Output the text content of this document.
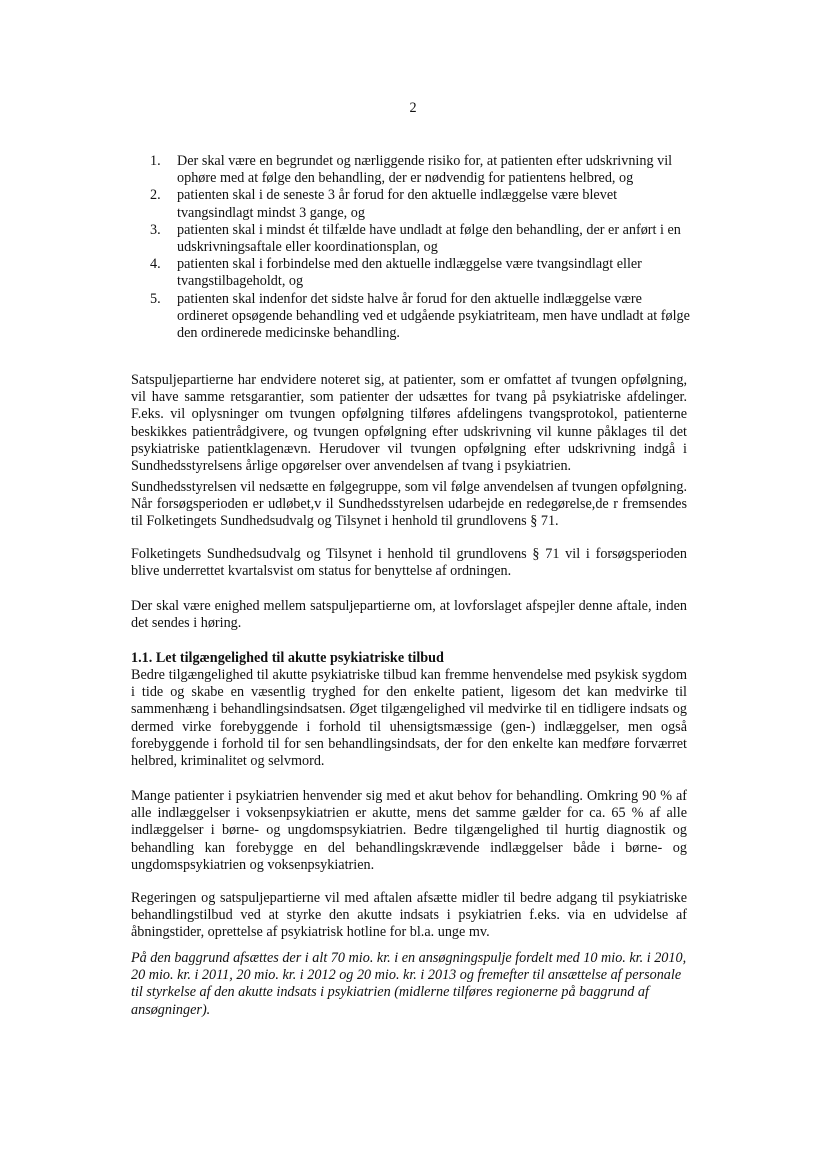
2
1.	Der skal være en begrundet og nærliggende risiko for, at patienten efter udskrivning vil ophøre med at følge den behandling, der er nødvendig for patientens helbred, og
2.	patienten skal i de seneste 3 år forud for den aktuelle indlæggelse være blevet tvangsindlagt mindst 3 gange, og
3.	patienten skal i mindst ét tilfælde have undladt at følge den behandling, der er anført i en udskrivningsaftale eller koordinationsplan, og
4.	patienten skal i forbindelse med den aktuelle indlæggelse være tvangsindlagt eller tvangstilbageholdt, og
5.	patienten skal indenfor det sidste halve år forud for den aktuelle indlæggelse være ordineret opsøgende behandling ved et udgående psykiatriteam, men have undladt at følge den ordinerede medicinske behandling.

Satspuljepartierne har endvidere noteret sig, at patienter, som er omfattet af tvungen opfølgning, vil have samme retsgarantier, som patienter der udsættes for tvang på psykiatriske afdelinger. F.eks. vil oplysninger om tvungen opfølgning tilføres afdelingens tvangsprotokol, patienterne beskikkes patientrådgivere, og tvungen opfølgning efter udskrivning vil kunne påklages til det psykiatriske patientklagenævn. Herudover vil tvungen opfølgning efter udskrivning indgå i Sundhedsstyrelsens årlige opgørelser over anvendelsen af tvang i psykiatrien.

Sundhedsstyrelsen vil nedsætte en følgegruppe, som vil følge anvendelsen af tvungen opfølgning. Når forsøgsperioden er udløbet,v il Sundhedsstyrelsen udarbejde en redegørelse,de r fremsendes til Folketingets Sundhedsudvalg og Tilsynet i henhold til grundlovens § 71.

Folketingets Sundhedsudvalg og Tilsynet i henhold til grundlovens § 71 vil i forsøgsperioden blive underrettet kvartalsvist om status for benyttelse af ordningen.

Der skal være enighed mellem satspuljepartierne om, at lovforslaget afspejler denne aftale, inden det sendes i høring.

1.1. Let tilgængelighed til akutte psykiatriske tilbud

Bedre tilgængelighed til akutte psykiatriske tilbud kan fremme henvendelse med psykisk sygdom i tide og skabe en væsentlig tryghed for den enkelte patient, ligesom det kan medvirke til sammenhæng i behandlingsindsatsen. Øget tilgængelighed vil medvirke til en tidligere indsats og dermed virke forebyggende i forhold til uhensigtsmæssige (gen-) indlæggelser, men også forebyggende i forhold til for sen behandlingsindsats, der for den enkelte kan medføre forværret helbred, kriminalitet og selvmord.

Mange patienter i psykiatrien henvender sig med et akut behov for behandling. Omkring 90 % af alle indlæggelser i voksenpsykiatrien er akutte, mens det samme gælder for ca. 65 % af alle indlæggelser i børne- og ungdomspsykiatrien. Bedre tilgængelighed til hurtig diagnostik og behandling kan forebygge en del behandlingskrævende indlæggelser både i børne- og ungdomspsykiatrien og voksenpsykiatrien.

Regeringen og satspuljepartierne vil med aftalen afsætte midler til bedre adgang til psykiatriske behandlingstilbud ved at styrke den akutte indsats i psykiatrien f.eks. via en udvidelse af åbningstider, oprettelse af psykiatrisk hotline for bl.a. unge mv.

På den baggrund afsættes der i alt 70 mio. kr. i en ansøgningspulje fordelt med 10 mio. kr. i 2010, 20 mio. kr. i 2011, 20 mio. kr. i 2012 og 20 mio. kr. i 2013 og fremefter til ansættelse af personale til styrkelse af den akutte indsats i psykiatrien (midlerne tilføres regionerne på baggrund af ansøgninger).
